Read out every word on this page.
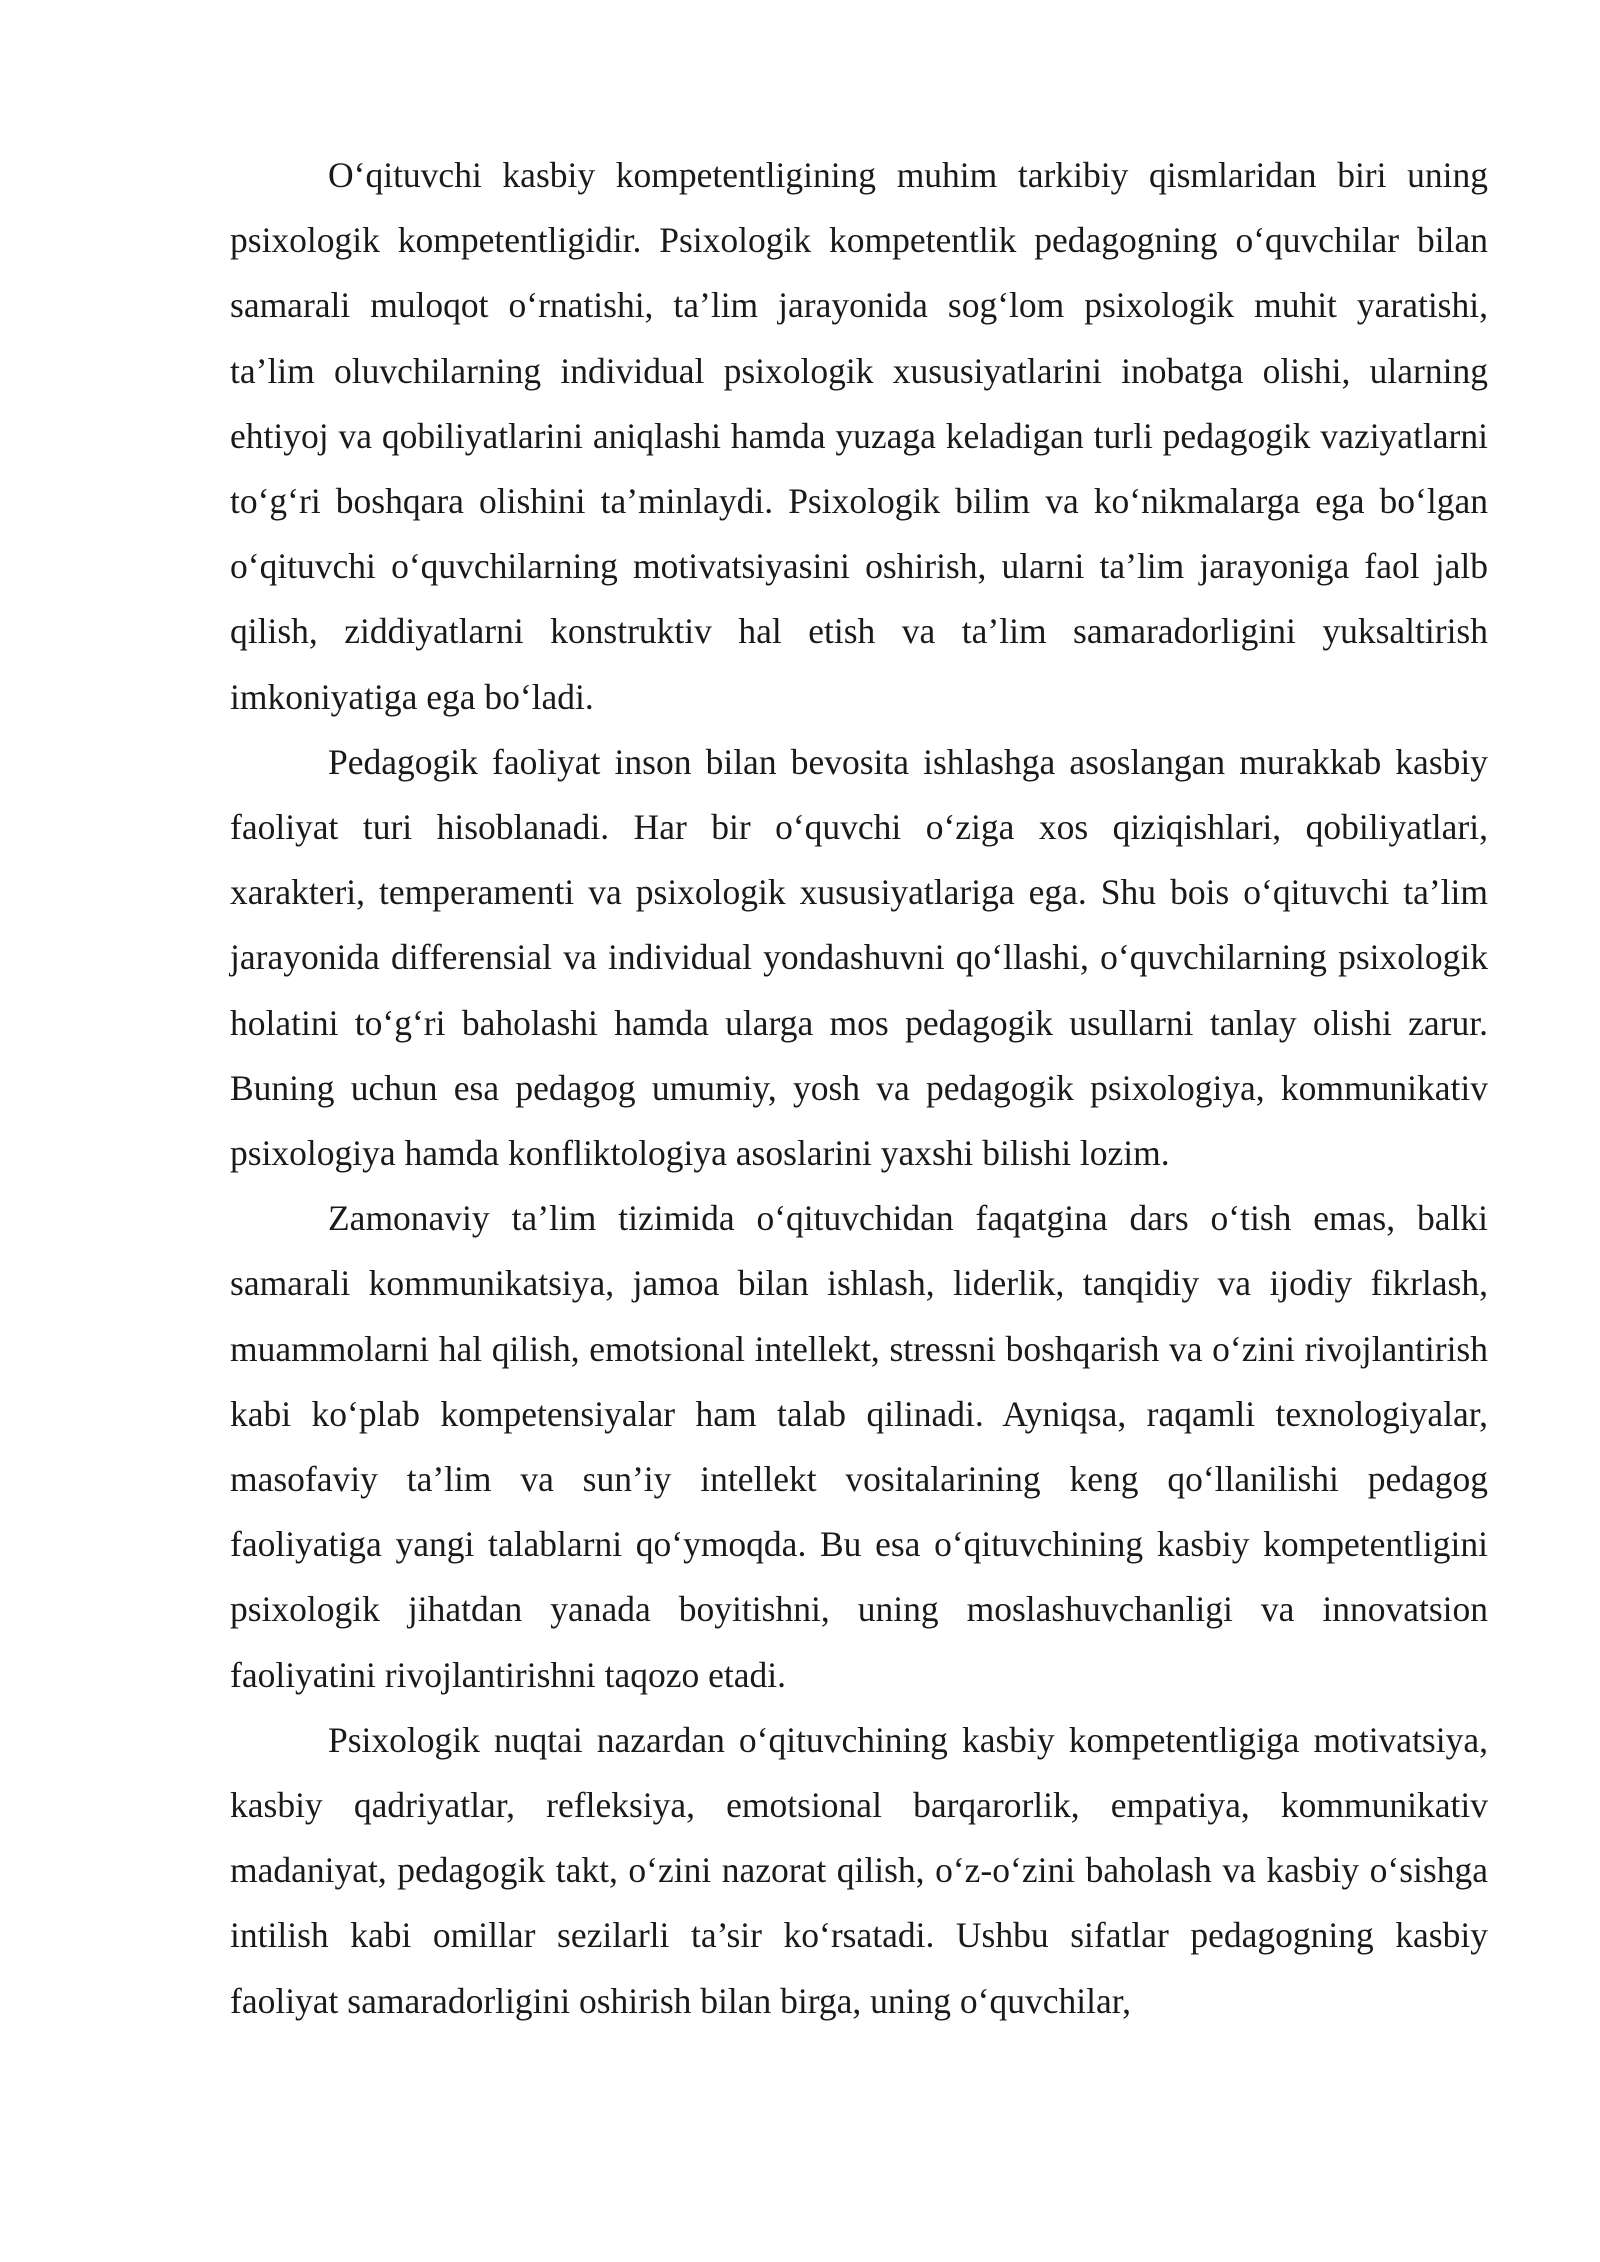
O‘qituvchi kasbiy kompetentligining muhim tarkibiy qismlaridan biri uning psixologik kompetentligidir. Psixologik kompetentlik pedagogning o‘quvchilar bilan samarali muloqot o‘rnatishi, ta’lim jarayonida sog‘lom psixologik muhit yaratishi, ta’lim oluvchilarning individual psixologik xususiyatlarini inobatga olishi, ularning ehtiyoj va qobiliyatlarini aniqlashi hamda yuzaga keladigan turli pedagogik vaziyatlarni to‘g‘ri boshqara olishini ta’minlaydi. Psixologik bilim va ko‘nikmalarga ega bo‘lgan o‘qituvchi o‘quvchilarning motivatsiyasini oshirish, ularni ta’lim jarayoniga faol jalb qilish, ziddiyatlarni konstruktiv hal etish va ta’lim samaradorligini yuksaltirish imkoniyatiga ega bo‘ladi.

Pedagogik faoliyat inson bilan bevosita ishlashga asoslangan murakkab kasbiy faoliyat turi hisoblanadi. Har bir o‘quvchi o‘ziga xos qiziqishlari, qobiliyatlari, xarakteri, temperamenti va psixologik xususiyatlariga ega. Shu bois o‘qituvchi ta’lim jarayonida differensial va individual yondashuvni qo‘llashi, o‘quvchilarning psixologik holatini to‘g‘ri baholashi hamda ularga mos pedagogik usullarni tanlay olishi zarur. Buning uchun esa pedagog umumiy, yosh va pedagogik psixologiya, kommunikativ psixologiya hamda konfliktologiya asoslarini yaxshi bilishi lozim.

Zamonaviy ta’lim tizimida o‘qituvchidan faqatgina dars o‘tish emas, balki samarali kommunikatsiya, jamoa bilan ishlash, liderlik, tanqidiy va ijodiy fikrlash, muammolarni hal qilish, emotsional intellekt, stressni boshqarish va o‘zini rivojlantirish kabi ko‘plab kompetensiyalar ham talab qilinadi. Ayniqsa, raqamli texnologiyalar, masofaviy ta’lim va sun’iy intellekt vositalarining keng qo‘llanilishi pedagog faoliyatiga yangi talablarni qo‘ymoqda. Bu esa o‘qituvchining kasbiy kompetentligini psixologik jihatdan yanada boyitishni, uning moslashuvchanligi va innovatsion faoliyatini rivojlantirishni taqozo etadi.

Psixologik nuqtai nazardan o‘qituvchining kasbiy kompetentligiga motivatsiya, kasbiy qadriyatlar, refleksiya, emotsional barqarorlik, empatiya, kommunikativ madaniyat, pedagogik takt, o‘zini nazorat qilish, o‘z-o‘zini baholash va kasbiy o‘sishga intilish kabi omillar sezilarli ta’sir ko‘rsatadi. Ushbu sifatlar pedagogning kasbiy faoliyat samaradorligini oshirish bilan birga, uning o‘quvchilar,
